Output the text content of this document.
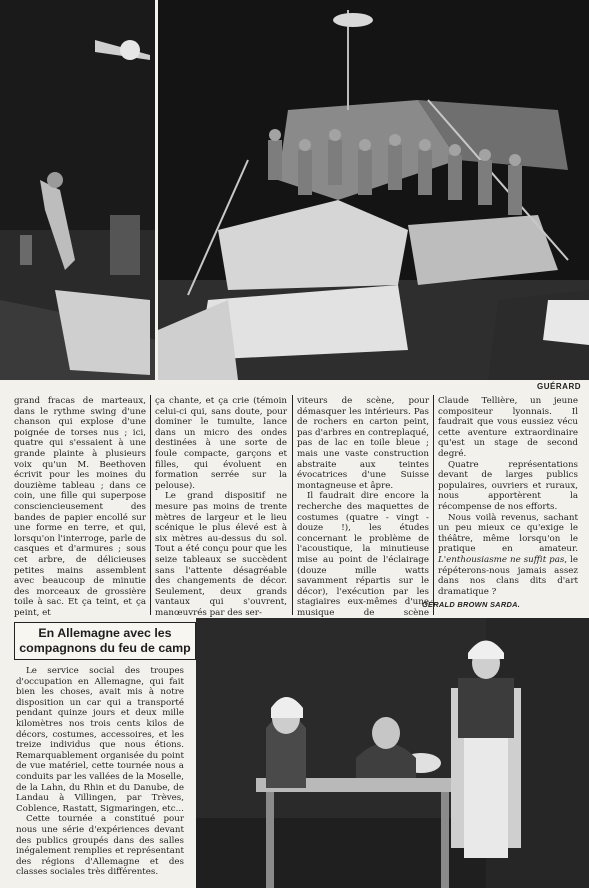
GUÉRARD

grand fracas de marteaux, dans le rythme swing d'une chanson qui explose d'une poignée de torses nus ; ici, quatre qui s'essaient à une grande plainte à plusieurs voix qu'un M. Beethoven écrivit pour les moines du douzième tableau ; dans ce coin, une fille qui superpose consciencieusement des bandes de papier encollé sur une forme en terre, et qui, lorsqu'on l'interroge, parle de casques et d'armures ; sous cet arbre, de délicieuses petites mains assemblent avec beaucoup de minutie des morceaux de grossière toile à sac. Et ça teint, et ça peint, et

ça chante, et ça crie (témoin celui-ci qui, sans doute, pour dominer le tumulte, lance dans un micro des ondes destinées à une sorte de foule compacte, garçons et filles, qui évoluent en formation serrée sur la pelouse).

Le grand dispositif ne mesure pas moins de trente mètres de largeur et le lieu scénique le plus élevé est à six mètres au-dessus du sol. Tout a été conçu pour que les seize tableaux se succèdent sans l'attente désagréable des changements de décor. Seulement, deux grands vantaux qui s'ouvrent, manœuvrés par des ser-

viteurs de scène, pour démasquer les intérieurs. Pas de rochers en carton peint, pas d'arbres en contreplaqué, pas de lac en toile bleue ; mais une vaste construction abstraite aux teintes évocatrices d'une Suisse montagneuse et âpre.

Il faudrait dire encore la recherche des maquettes de costumes (quatre - vingt - douze !), les études concernant le problème de l'acoustique, la minutieuse mise au point de l'éclairage (douze mille watts savamment répartis sur le décor), l'exécution par les stagiaires eux-mêmes d'une musique de scène

Claude Tellière, un jeune compositeur lyonnais. Il faudrait que vous eussiez vécu cette aventure extraordinaire qu'est un stage de second degré.

Quatre représentations devant de larges publics populaires, ouvriers et ruraux, nous apportèrent la récompense de nos efforts.

Nous voilà revenus, sachant un peu mieux ce qu'exige le théâtre, même lorsqu'on le pratique en amateur. L'enthousiasme ne suffit pas, le répéterons-nous jamais assez dans nos clans dits d'art dramatique ?

GÉRALD BROWN SARDA.
En Allemagne avec les
compagnons du feu de camp

Le service social des troupes d'occupation en Allemagne, qui fait bien les choses, avait mis à notre disposition un car qui a transporté pendant quinze jours et deux mille kilomètres nos trois cents kilos de décors, costumes, accessoires, et les treize individus que nous étions. Remarquablement organisée du point de vue matériel, cette tournée nous a conduits par les vallées de la Moselle, de la Lahn, du Rhin et du Danube, de Landau à Villingen, par Trèves, Coblence, Rastatt, Sigmaringen, etc...

Cette tournée a constitué pour nous une série d'expériences devant des publics groupés dans des salles inégalement remplies et représentant des régions d'Allemagne et des classes sociales très différentes.
